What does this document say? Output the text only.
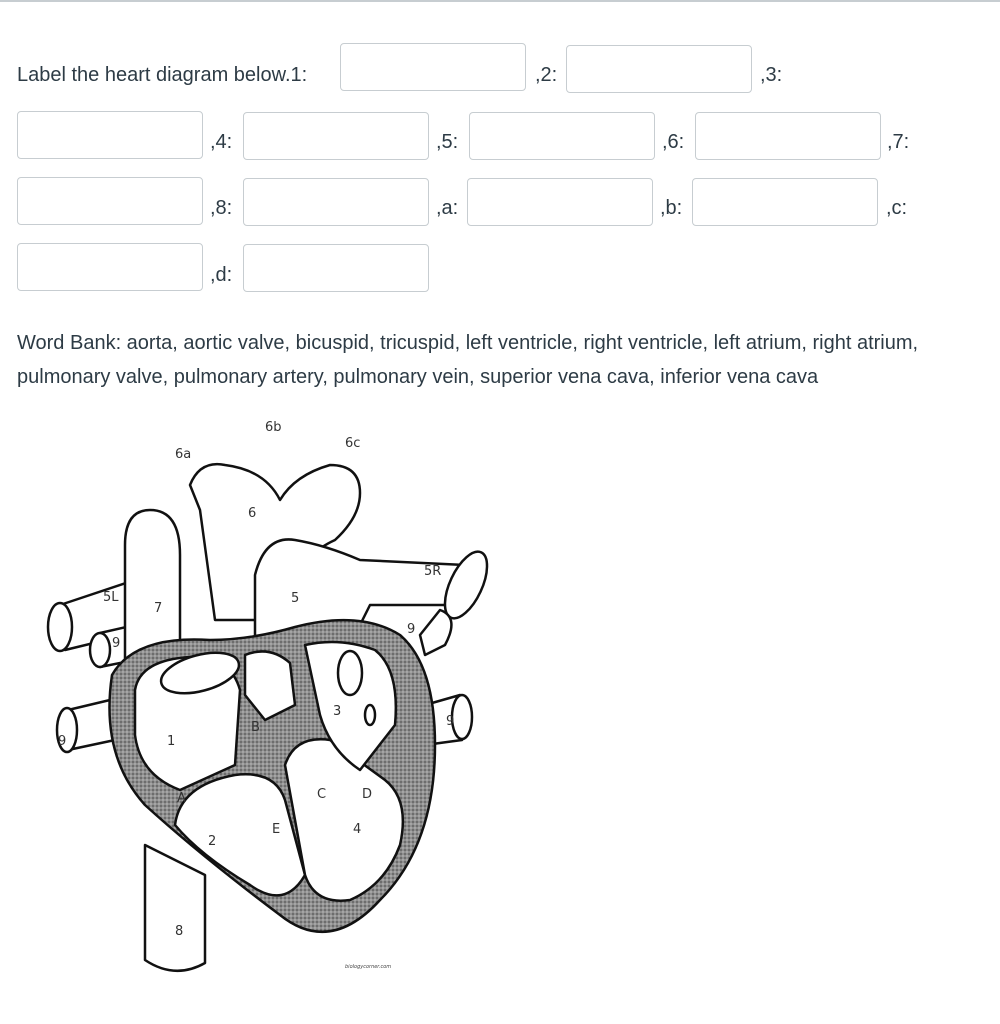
Label the heart diagram below.1:	,2:	,3:
,4:	,5:	,6:	,7:
,8:	,a:	,b:	,c:
,d:
Word Bank: aorta, aortic valve, bicuspid, tricuspid, left ventricle, right ventricle, left atrium, right atrium, pulmonary valve, pulmonary artery, pulmonary vein, superior vena cava, inferior vena cava
6b
6a
6c
6
5R
5L
7
5
9
9
9
9
1
A
B
3
C	D
2
E	4
8
biologycorner.com
